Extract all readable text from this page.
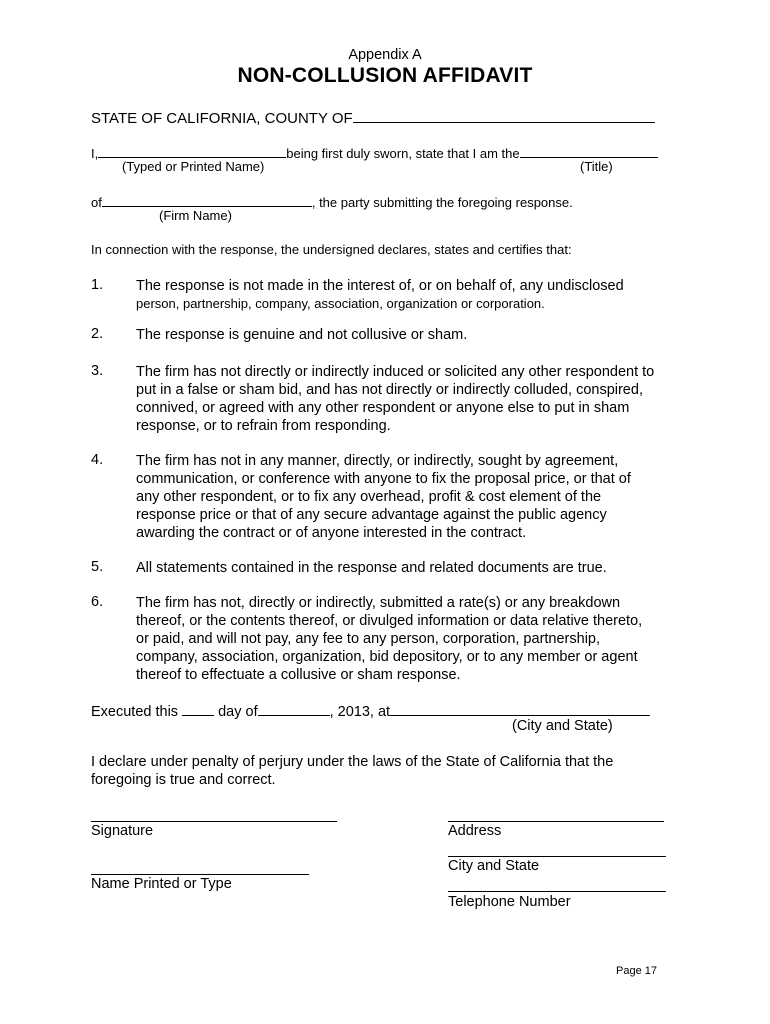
Appendix A
NON-COLLUSION AFFIDAVIT
STATE OF CALIFORNIA, COUNTY OF
I,	being first duly sworn, state that I am the
(Typed or Printed Name)	(Title)
of	, the party submitting the foregoing response.
(Firm Name)
In connection with the response, the undersigned declares, states and certifies that:
1. The response is not made in the interest of, or on behalf of, any undisclosed
person, partnership, company, association, organization or corporation.
2. The response is genuine and not collusive or sham.
3. The firm has not directly or indirectly induced or solicited any other respondent to
put in a false or sham bid, and has not directly or indirectly colluded, conspired,
connived, or agreed with any other respondent or anyone else to put in sham
response, or to refrain from responding.
4. The firm has not in any manner, directly, or indirectly, sought by agreement,
communication, or conference with anyone to fix the proposal price, or that of
any other respondent, or to fix any overhead, profit & cost element of the
response price or that of any secure advantage against the public agency
awarding the contract or of anyone interested in the contract.
5. All statements contained in the response and related documents are true.
6. The firm has not, directly or indirectly, submitted a rate(s) or any breakdown
thereof, or the contents thereof, or divulged information or data relative thereto,
or paid, and will not pay, any fee to any person, corporation, partnership,
company, association, organization, bid depository, or to any member or agent
thereof to effectuate a collusive or sham response.
Executed this	day of	, 2013, at
(City and State)
I declare under penalty of perjury under the laws of the State of California that the
foregoing is true and correct.
Signature
Name Printed or Type
Address
City and State
Telephone Number
Page 17
